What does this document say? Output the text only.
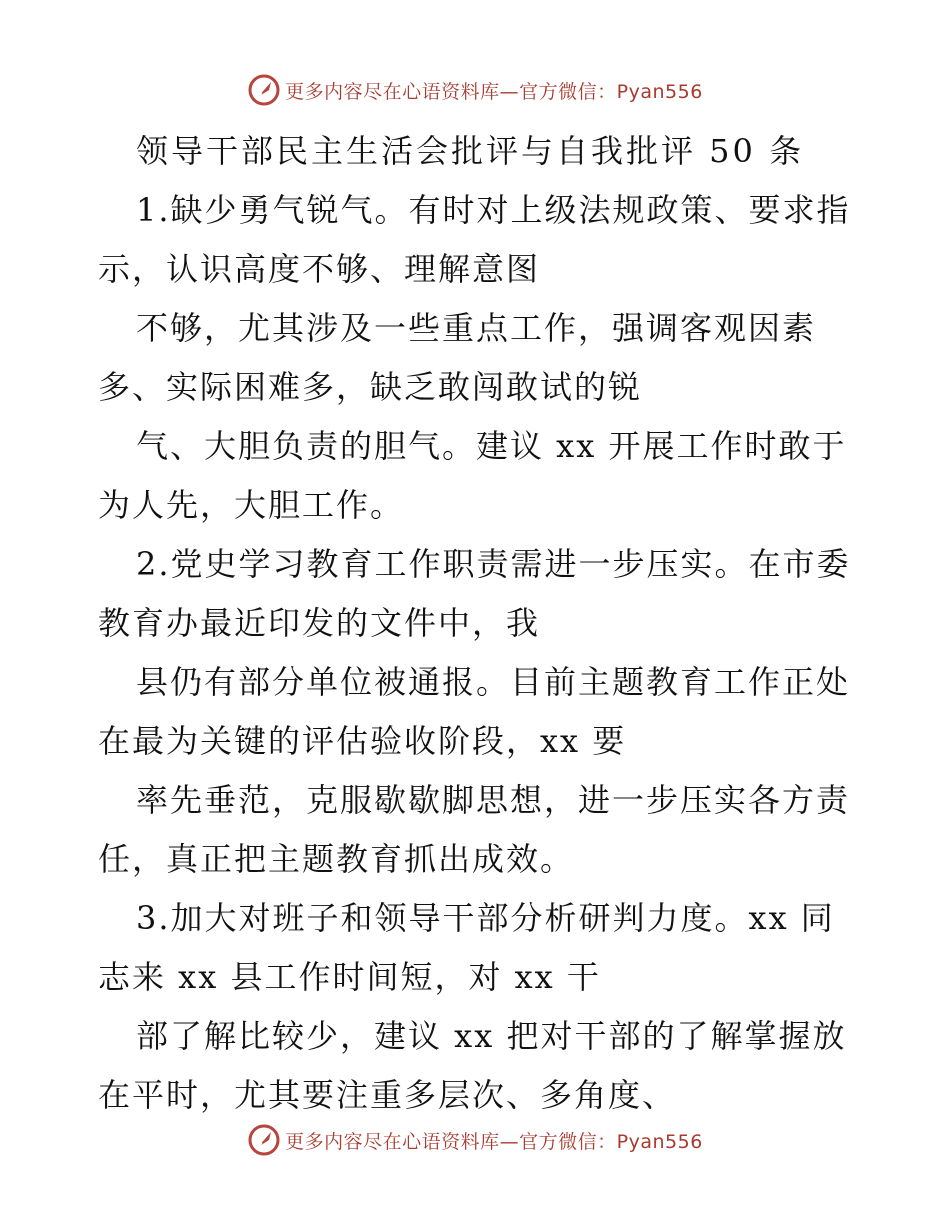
更多内容尽在心语资料库—官方微信：Pyan556
领导干部民主生活会批评与自我批评 50 条
1.缺少勇气锐气。有时对上级法规政策、要求指
示，认识高度不够、理解意图
不够，尤其涉及一些重点工作，强调客观因素
多、实际困难多，缺乏敢闯敢试的锐
气、大胆负责的胆气。建议 xx 开展工作时敢于
为人先，大胆工作。
2.党史学习教育工作职责需进一步压实。在市委
教育办最近印发的文件中，我
县仍有部分单位被通报。目前主题教育工作正处
在最为关键的评估验收阶段，xx 要
率先垂范，克服歇歇脚思想，进一步压实各方责
任，真正把主题教育抓出成效。
3.加大对班子和领导干部分析研判力度。xx 同
志来 xx 县工作时间短，对 xx 干
部了解比较少，建议 xx 把对干部的了解掌握放
在平时，尤其要注重多层次、多角度、
更多内容尽在心语资料库—官方微信：Pyan556
